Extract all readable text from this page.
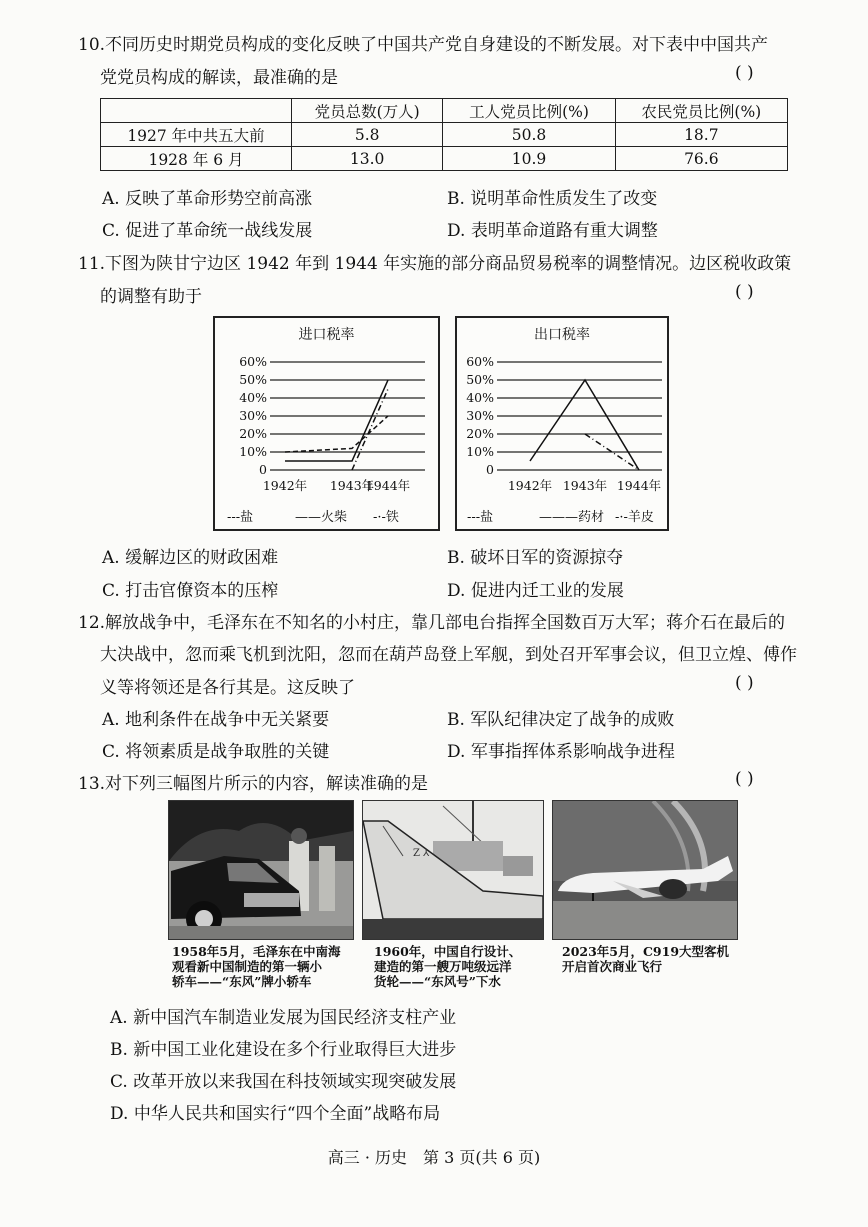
10.不同历史时期党员构成的变化反映了中国共产党自身建设的不断发展。对下表中中国共产
党党员构成的解读，最准确的是	( )
	党员总数(万人)	工人党员比例(%)	农民党员比例(%)
1927 年中共五大前	5.8	50.8	18.7
1928 年 6 月	13.0	10.9	76.6
A. 反映了革命形势空前高涨	B. 说明革命性质发生了改变
C. 促进了革命统一战线发展	D. 表明革命道路有重大调整
11.下图为陕甘宁边区 1942 年到 1944 年实施的部分商品贸易税率的调整情况。边区税收政策
的调整有助于	( )
进口税率
0
10%
20%
30%
40%
50%
60%
1942年 1943年
1944年
---盐	——火柴 -·-铁
出口税率
0
10%
20%
30%
40%
50%
60%
1942年 1943年 1944年
---盐	———药材 -·-羊皮
A. 缓解边区的财政困难	B. 破坏日军的资源掠夺
C. 打击官僚资本的压榨	D. 促进内迁工业的发展
12.解放战争中，毛泽东在不知名的小村庄，靠几部电台指挥全国数百万大军；蒋介石在最后的
大决战中，忽而乘飞机到沈阳，忽而在葫芦岛登上军舰，到处召开军事会议，但卫立煌、傅作
义等将领还是各行其是。这反映了	( )
A. 地利条件在战争中无关紧要	B. 军队纪律决定了战争的成败
C. 将领素质是战争取胜的关键	D. 军事指挥体系影响战争进程
13.对下列三幅图片所示的内容，解读准确的是	( )
1958年5月，毛泽东在中南海
观看新中国制造的第一辆小
轿车——“东风”牌小轿车
Z ⅄
1960年，中国自行设计、
建造的第一艘万吨级远洋
货轮——“东风号”下水
2023年5月，C919大型客机
开启首次商业飞行
A. 新中国汽车制造业发展为国民经济支柱产业
B. 新中国工业化建设在多个行业取得巨大进步
C. 改革开放以来我国在科技领域实现突破发展
D. 中华人民共和国实行“四个全面”战略布局
高三 · 历史　第 3 页(共 6 页)
